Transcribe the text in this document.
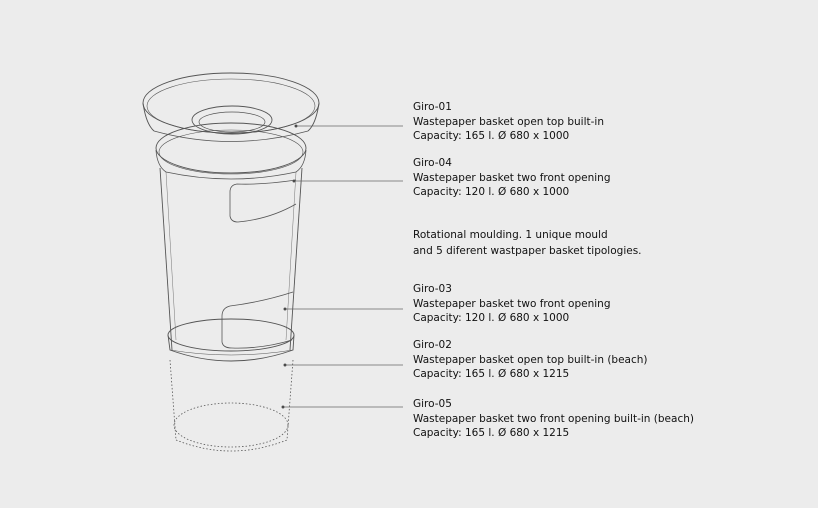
Giro-01
Wastepaper basket open top built-in
Capacity: 165 l. Ø 680 x 1000
Giro-04
Wastepaper basket two front opening
Capacity: 120 l. Ø 680 x 1000
Rotational moulding. 1 unique mould
and 5 diferent wastpaper basket tipologies.
Giro-03
Wastepaper basket two front opening
Capacity: 120 l. Ø 680 x 1000
Giro-02
Wastepaper basket open top built-in (beach)
Capacity: 165 l. Ø 680 x 1215
Giro-05
Wastepaper basket two front opening built-in (beach)
Capacity: 165 l. Ø 680 x 1215
